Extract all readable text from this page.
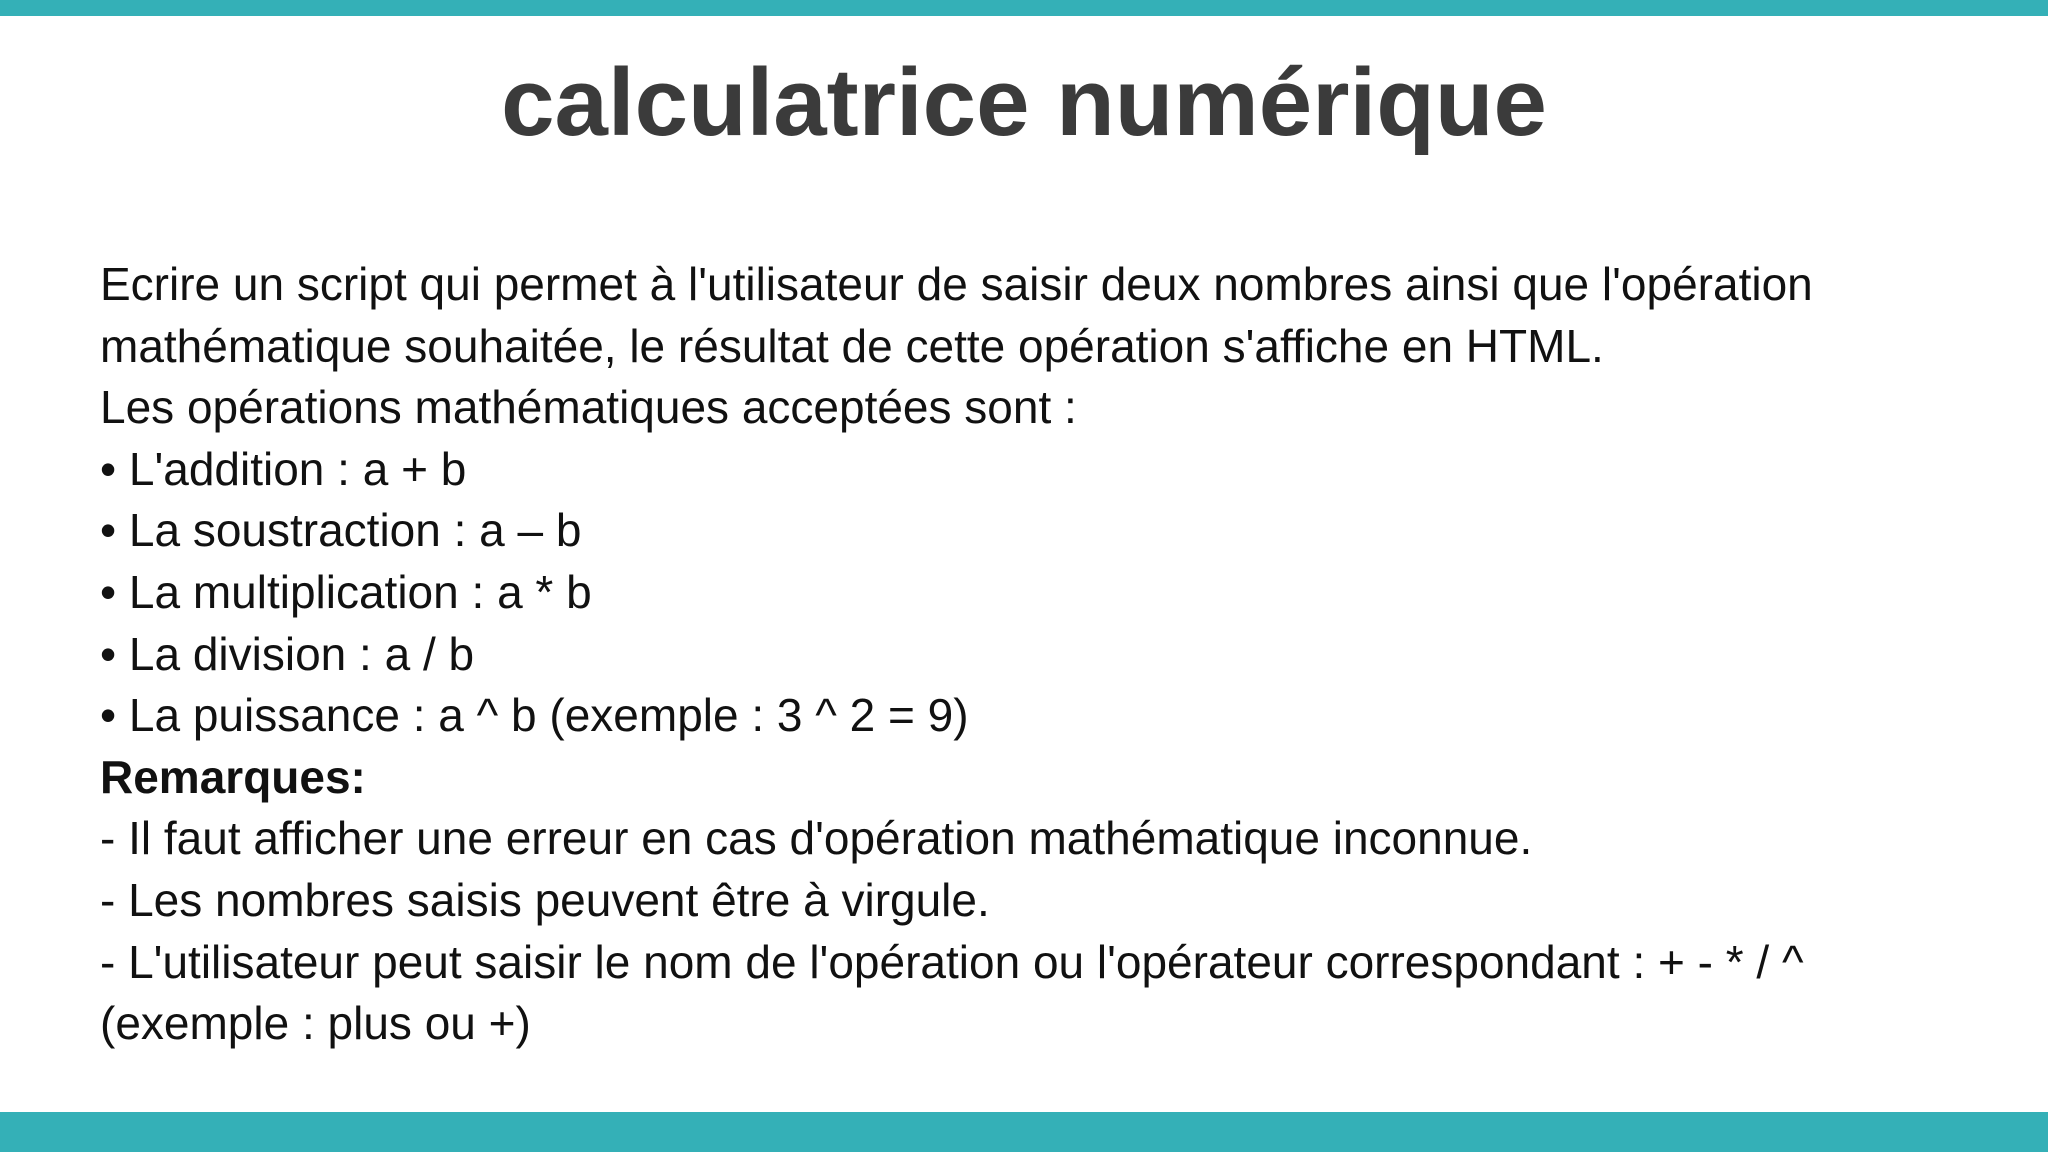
calculatrice numérique

Ecrire un script qui permet à l'utilisateur de saisir deux nombres ainsi que l'opération mathématique souhaitée, le résultat de cette opération s'affiche en HTML.

Les opérations mathématiques acceptées sont :

• L'addition : a + b

• La soustraction : a – b

• La multiplication : a * b

• La division : a / b

• La puissance : a ^ b (exemple : 3 ^ 2 = 9)

Remarques:

- Il faut afficher une erreur en cas d'opération mathématique inconnue.

- Les nombres saisis peuvent être à virgule.

- L'utilisateur peut saisir le nom de l'opération ou l'opérateur correspondant : + - * / ^ (exemple : plus ou +)
